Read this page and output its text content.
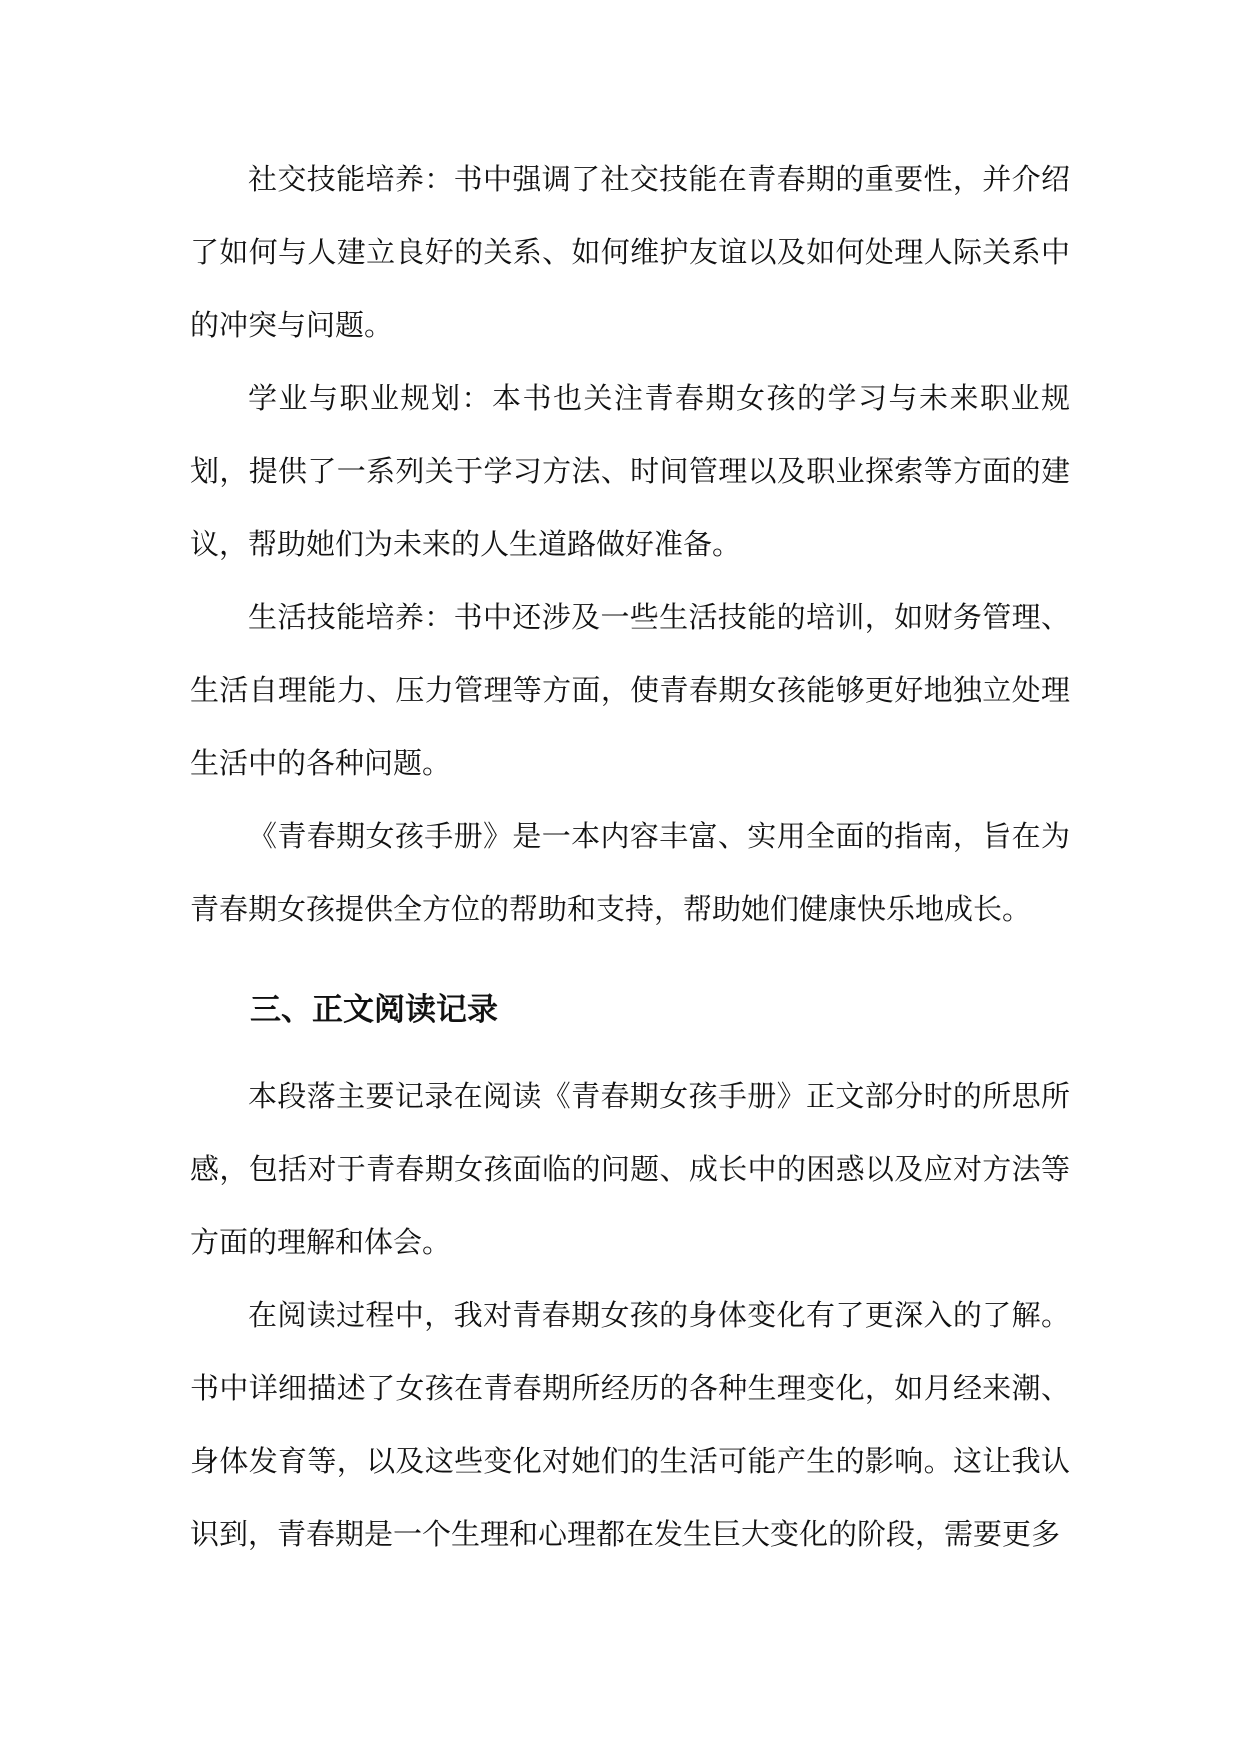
社交技能培养：书中强调了社交技能在青春期的重要性，并介绍了如何与人建立良好的关系、如何维护友谊以及如何处理人际关系中的冲突与问题。

学业与职业规划：本书也关注青春期女孩的学习与未来职业规划，提供了一系列关于学习方法、时间管理以及职业探索等方面的建议，帮助她们为未来的人生道路做好准备。

生活技能培养：书中还涉及一些生活技能的培训，如财务管理、生活自理能力、压力管理等方面，使青春期女孩能够更好地独立处理生活中的各种问题。

《青春期女孩手册》是一本内容丰富、实用全面的指南，旨在为青春期女孩提供全方位的帮助和支持，帮助她们健康快乐地成长。

三、正文阅读记录

本段落主要记录在阅读《青春期女孩手册》正文部分时的所思所感，包括对于青春期女孩面临的问题、成长中的困惑以及应对方法等方面的理解和体会。

在阅读过程中，我对青春期女孩的身体变化有了更深入的了解。书中详细描述了女孩在青春期所经历的各种生理变化，如月经来潮、身体发育等，以及这些变化对她们的生活可能产生的影响。这让我认识到，青春期是一个生理和心理都在发生巨大变化的阶段，需要更多
